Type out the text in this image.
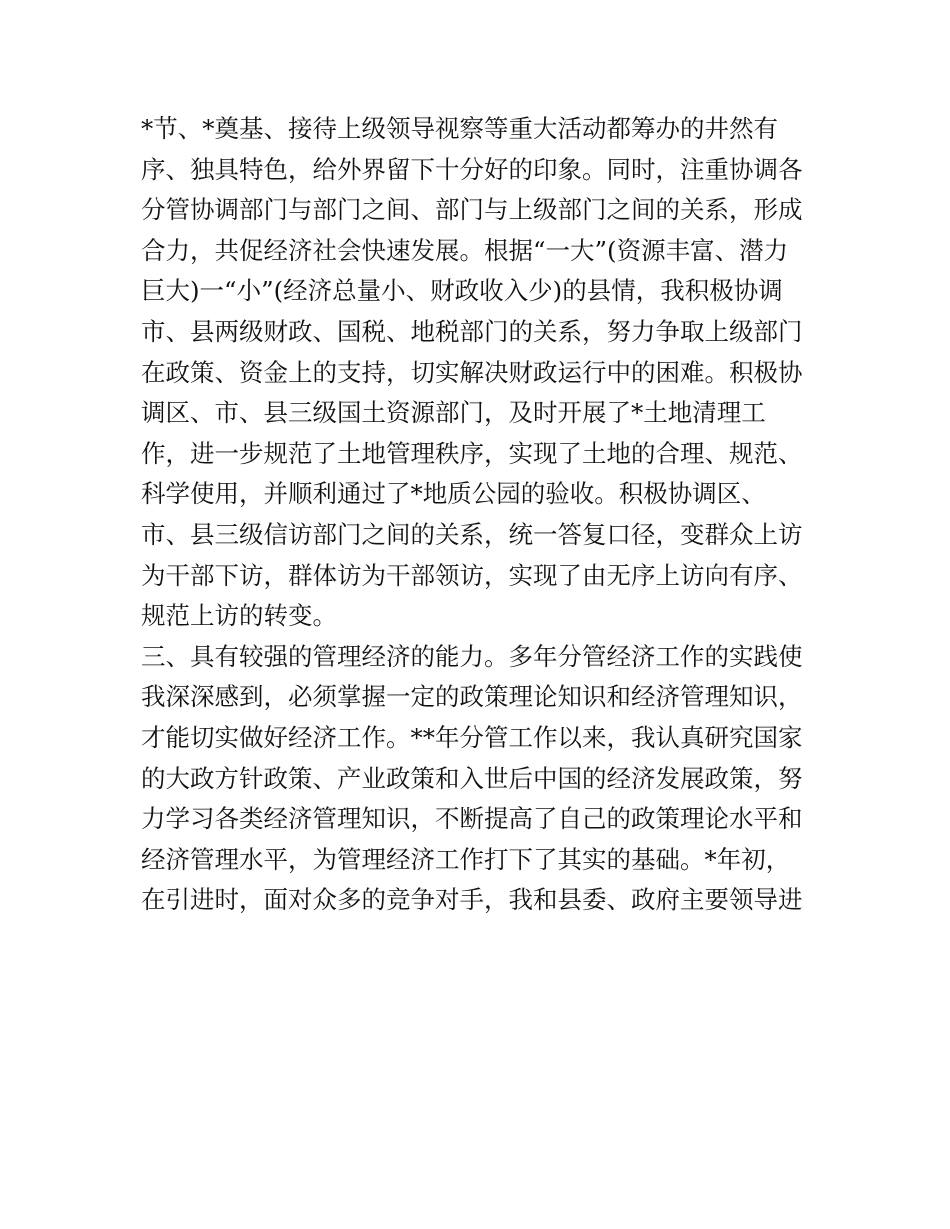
*节、*奠基、接待上级领导视察等重大活动都筹办的井然有
序、独具特色，给外界留下十分好的印象。同时，注重协调各
分管协调部门与部门之间、部门与上级部门之间的关系，形成
合力，共促经济社会快速发展。根据“一大”(资源丰富、潜力
巨大)一“小”(经济总量小、财政收入少)的县情，我积极协调
市、县两级财政、国税、地税部门的关系，努力争取上级部门
在政策、资金上的支持，切实解决财政运行中的困难。积极协
调区、市、县三级国土资源部门，及时开展了*土地清理工
作，进一步规范了土地管理秩序，实现了土地的合理、规范、
科学使用，并顺利通过了*地质公园的验收。积极协调区、
市、县三级信访部门之间的关系，统一答复口径，变群众上访
为干部下访，群体访为干部领访，实现了由无序上访向有序、
规范上访的转变。
三、具有较强的管理经济的能力。多年分管经济工作的实践使
我深深感到，必须掌握一定的政策理论知识和经济管理知识，
才能切实做好经济工作。**年分管工作以来，我认真研究国家
的大政方针政策、产业政策和入世后中国的经济发展政策，努
力学习各类经济管理知识，不断提高了自己的政策理论水平和
经济管理水平，为管理经济工作打下了其实的基础。*年初，
在引进时，面对众多的竞争对手，我和县委、政府主要领导进
